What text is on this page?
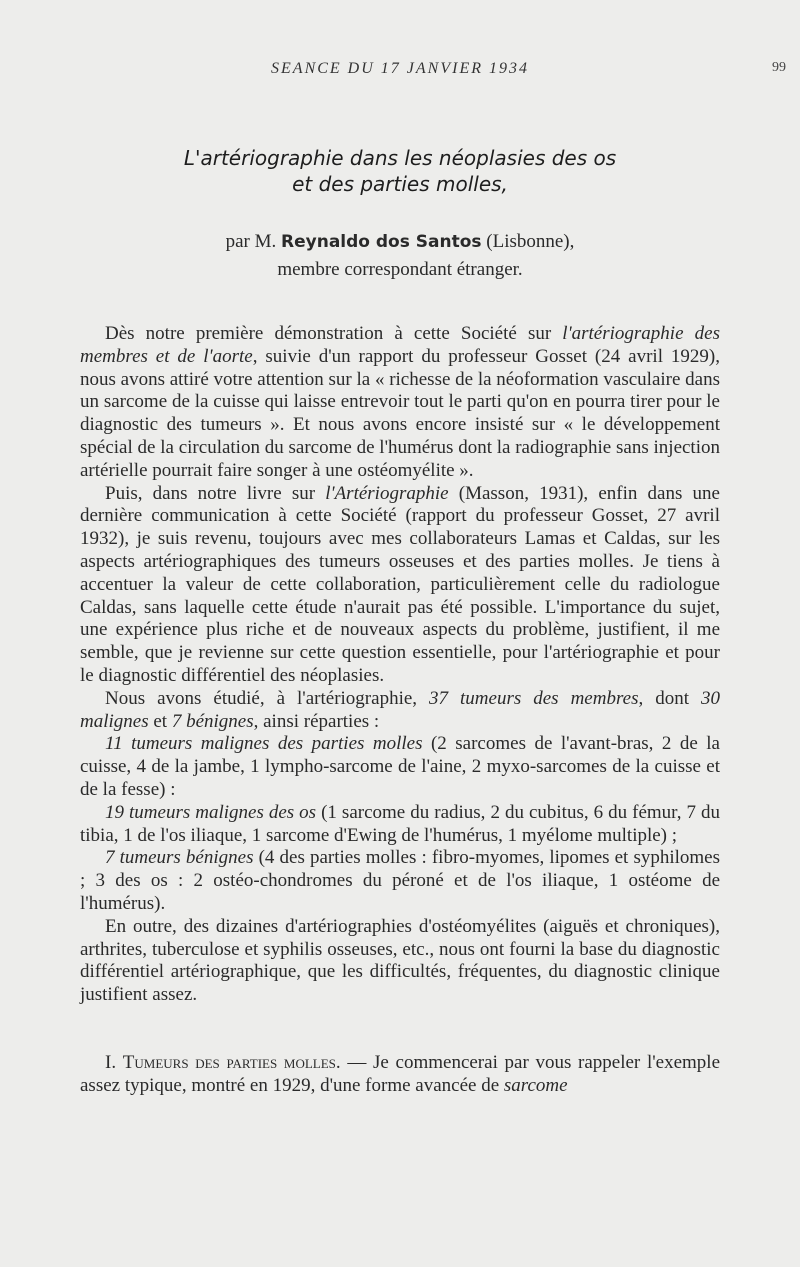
SEANCE DU 17 JANVIER 1934	99
L'artériographie dans les néoplasies des os
et des parties molles,
par M. Reynaldo dos Santos (Lisbonne),
membre correspondant étranger.

Dès notre première démonstration à cette Société sur l'artériographie des membres et de l'aorte, suivie d'un rapport du professeur Gosset (24 avril 1929), nous avons attiré votre attention sur la « richesse de la néoformation vasculaire dans un sarcome de la cuisse qui laisse entrevoir tout le parti qu'on en pourra tirer pour le diagnostic des tumeurs ». Et nous avons encore insisté sur « le développement spécial de la circulation du sarcome de l'humérus dont la radiographie sans injection artérielle pourrait faire songer à une ostéomyélite ».

Puis, dans notre livre sur l'Artériographie (Masson, 1931), enfin dans une dernière communication à cette Société (rapport du professeur Gosset, 27 avril 1932), je suis revenu, toujours avec mes collaborateurs Lamas et Caldas, sur les aspects artériographiques des tumeurs osseuses et des parties molles. Je tiens à accentuer la valeur de cette collaboration, particulièrement celle du radiologue Caldas, sans laquelle cette étude n'aurait pas été possible. L'importance du sujet, une expérience plus riche et de nouveaux aspects du problème, justifient, il me semble, que je revienne sur cette question essentielle, pour l'artériographie et pour le diagnostic différentiel des néoplasies.

Nous avons étudié, à l'artériographie, 37 tumeurs des membres, dont 30 malignes et 7 bénignes, ainsi réparties :

11 tumeurs malignes des parties molles (2 sarcomes de l'avant-bras, 2 de la cuisse, 4 de la jambe, 1 lympho-sarcome de l'aine, 2 myxo-sarcomes de la cuisse et de la fesse) :

19 tumeurs malignes des os (1 sarcome du radius, 2 du cubitus, 6 du fémur, 7 du tibia, 1 de l'os iliaque, 1 sarcome d'Ewing de l'humérus, 1 myélome multiple) ;

7 tumeurs bénignes (4 des parties molles : fibro-myomes, lipomes et syphilomes ; 3 des os : 2 ostéo-chondromes du péroné et de l'os iliaque, 1 ostéome de l'humérus).

En outre, des dizaines d'artériographies d'ostéomyélites (aiguës et chroniques), arthrites, tuberculose et syphilis osseuses, etc., nous ont fourni la base du diagnostic différentiel artériographique, que les difficultés, fréquentes, du diagnostic clinique justifient assez.

I. Tumeurs des parties molles. — Je commencerai par vous rappeler l'exemple assez typique, montré en 1929, d'une forme avancée de sarcome
